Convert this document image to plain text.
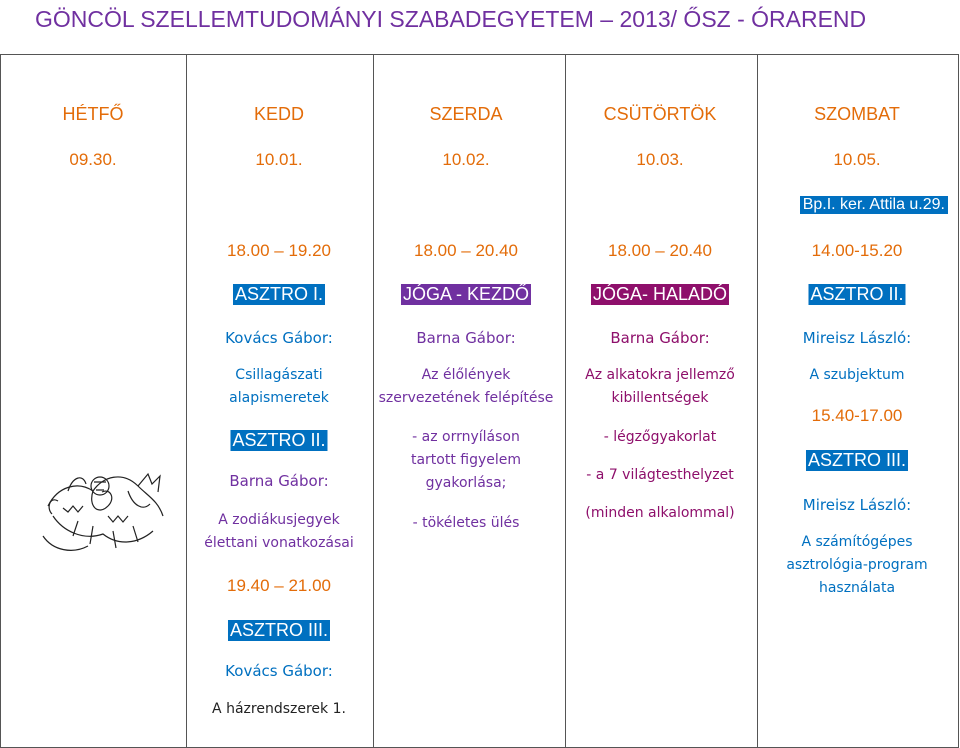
GÖNCÖL SZELLEMTUDOMÁNYI SZABADEGYETEM – 2013/ ŐSZ - ÓRAREND
HÉTFŐ
09.30.
KEDD
10.01.
SZERDA
10.02.
CSÜTÖRTÖK
10.03.
SZOMBAT
10.05.
Bp.I. ker. Attila u.29.
18.00 – 19.20
ASZTRO I.
Kovács Gábor:
Csillagászati
alapismeretek
ASZTRO II.
Barna Gábor:
A zodiákusjegyek
élettani vonatkozásai
19.40 – 21.00
ASZTRO III.
Kovács Gábor:
A házrendszerek 1.
18.00 – 20.40
JÓGA - KEZDŐ
Barna Gábor:
Az élőlények
szervezetének felépítése
- az orrnyíláson
tartott figyelem
gyakorlása;
- tökéletes ülés
18.00 – 20.40
JÓGA- HALADÓ
Barna Gábor:
Az alkatokra jellemző
kibillentségek
- légzőgyakorlat
- a 7 világtesthelyzet
(minden alkalommal)
14.00-15.20
ASZTRO II.
Mireisz László:
A szubjektum
15.40-17.00
ASZTRO III.
Mireisz László:
A számítógépes
asztrológia-program
használata
